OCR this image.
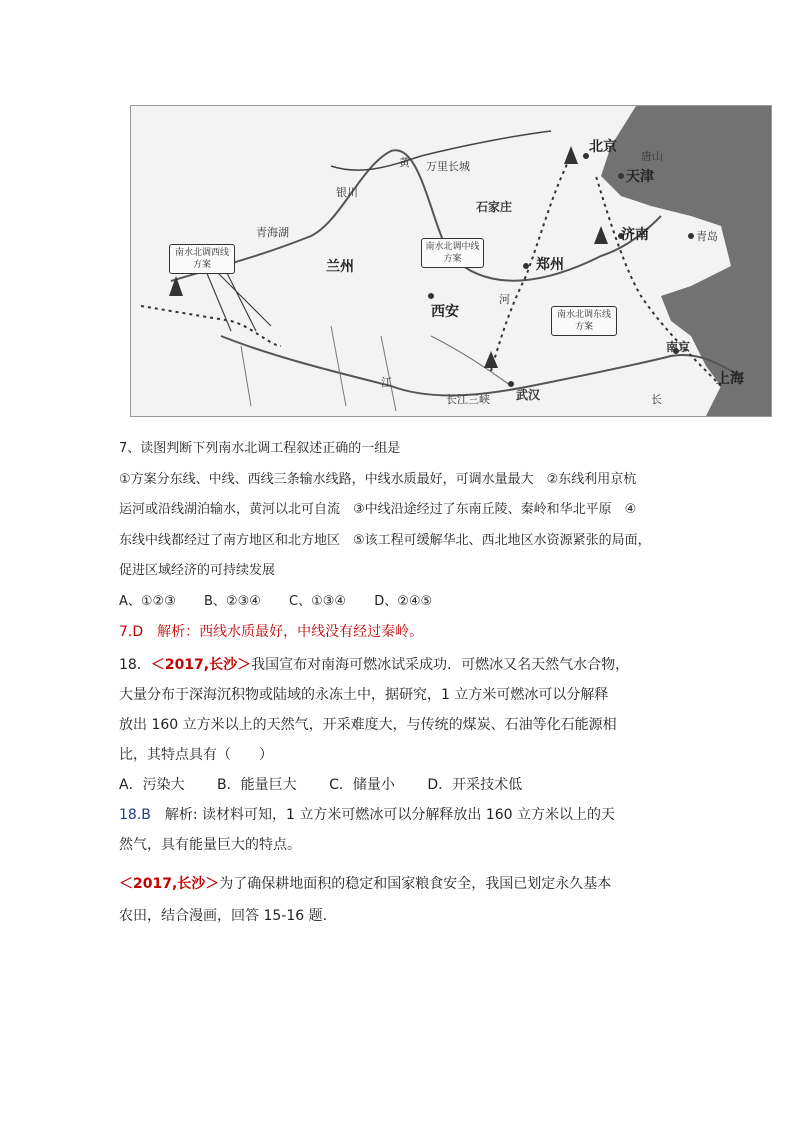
北京
天津
唐山
济南	青岛
石家庄
郑州
西安
兰州
银川
武汉
南京
上海
青海湖
万里长城
长江三峡
黄
河
江
长
南水北调西线方案
南水北调中线方案
南水北调东线方案
7、读图判断下列南水北调工程叙述正确的一组是
①方案分东线、中线、西线三条输水线路，中线水质最好，可调水量最大　②东线利用京杭
运河或沿线湖泊输水，黄河以北可自流　③中线沿途经过了东南丘陵、秦岭和华北平原　④
东线中线都经过了南方地区和北方地区　⑤该工程可缓解华北、西北地区水资源紧张的局面，
促进区域经济的可持续发展
A、①②③ B、②③④ C、①③④ D、②④⑤
7.D　解析：西线水质最好，中线没有经过秦岭。
18．＜2017,长沙＞我国宣布对南海可燃冰试采成功．可燃冰又名天然气水合物，
大量分布于深海沉积物或陆域的永冻土中，据研究，1 立方米可燃冰可以分解释
放出 160 立方米以上的天然气，开采难度大，与传统的煤炭、石油等化石能源相
比，其特点具有（　　）
A．污染大 B．能量巨大 C．储量小 D．开采技术低
18.B　解析: 读材料可知，1 立方米可燃冰可以分解释放出 160 立方米以上的天
然气，具有能量巨大的特点。
＜2017,长沙＞为了确保耕地面积的稳定和国家粮食安全，我国已划定永久基本
农田，结合漫画，回答 15-16 题.
